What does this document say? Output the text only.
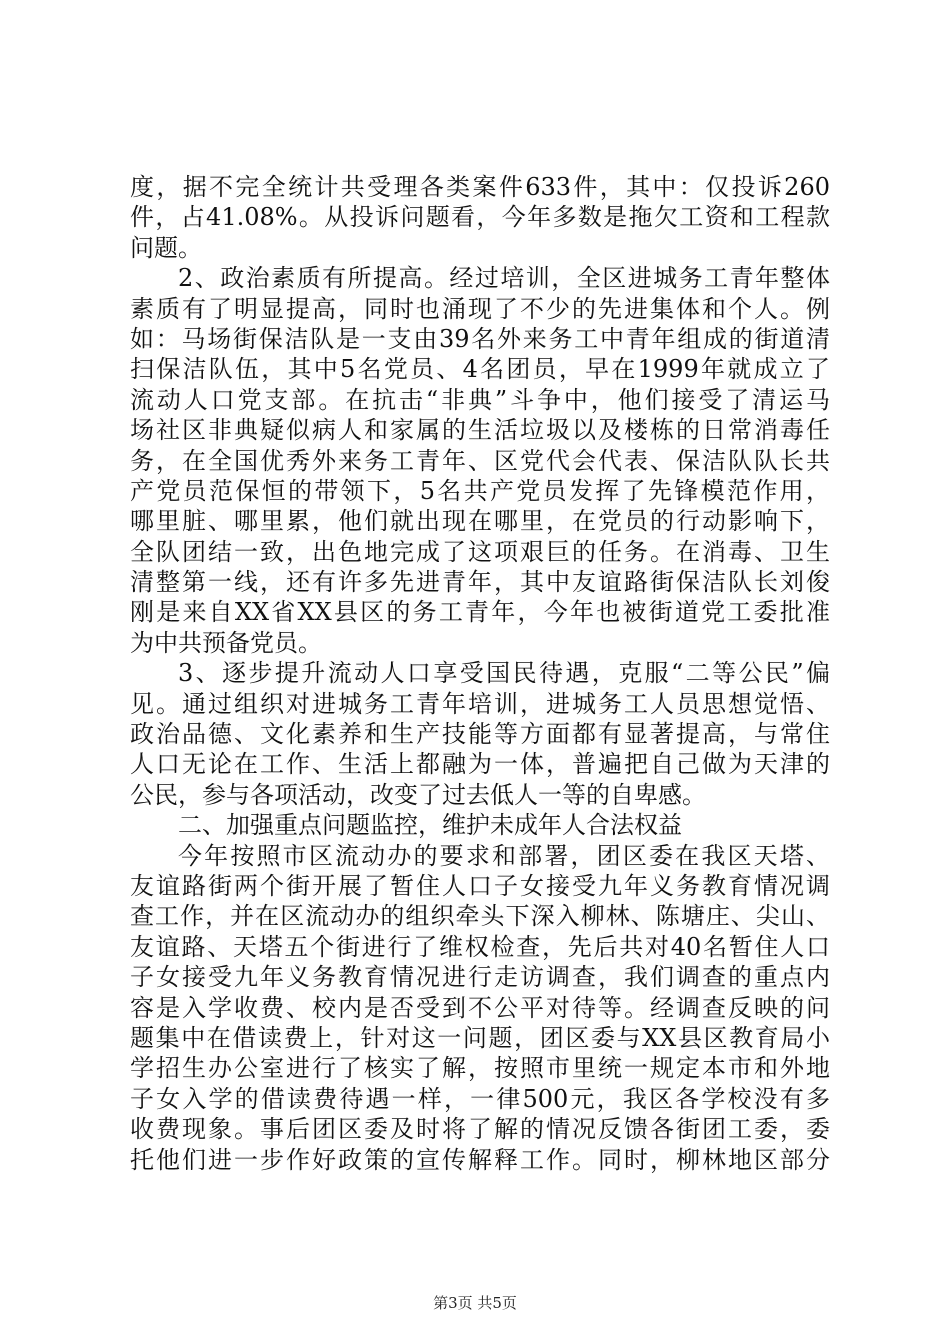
度，据不完全统计共受理各类案件633件，其中：仅投诉260
件，占41.08%。从投诉问题看，今年多数是拖欠工资和工程款
问题。
2、政治素质有所提高。经过培训，全区进城务工青年整体
素质有了明显提高，同时也涌现了不少的先进集体和个人。例
如：马场街保洁队是一支由39名外来务工中青年组成的街道清
扫保洁队伍，其中5名党员、4名团员，早在1999年就成立了
流动人口党支部。在抗击“非典”斗争中，他们接受了清运马
场社区非典疑似病人和家属的生活垃圾以及楼栋的日常消毒任
务，在全国优秀外来务工青年、区党代会代表、保洁队队长共
产党员范保恒的带领下，5名共产党员发挥了先锋模范作用，
哪里脏、哪里累，他们就出现在哪里，在党员的行动影响下，
全队团结一致，出色地完成了这项艰巨的任务。在消毒、卫生
清整第一线，还有许多先进青年，其中友谊路街保洁队长刘俊
刚是来自XX省XX县区的务工青年，今年也被街道党工委批准
为中共预备党员。
3、逐步提升流动人口享受国民待遇，克服“二等公民”偏
见。通过组织对进城务工青年培训，进城务工人员思想觉悟、
政治品德、文化素养和生产技能等方面都有显著提高，与常住
人口无论在工作、生活上都融为一体，普遍把自己做为天津的
公民，参与各项活动，改变了过去低人一等的自卑感。
二、加强重点问题监控，维护未成年人合法权益
今年按照市区流动办的要求和部署，团区委在我区天塔、
友谊路街两个街开展了暂住人口子女接受九年义务教育情况调
查工作，并在区流动办的组织牵头下深入柳林、陈塘庄、尖山、
友谊路、天塔五个街进行了维权检查，先后共对40名暂住人口
子女接受九年义务教育情况进行走访调查，我们调查的重点内
容是入学收费、校内是否受到不公平对待等。经调查反映的问
题集中在借读费上，针对这一问题，团区委与XX县区教育局小
学招生办公室进行了核实了解，按照市里统一规定本市和外地
子女入学的借读费待遇一样，一律500元，我区各学校没有多
收费现象。事后团区委及时将了解的情况反馈各街团工委，委
托他们进一步作好政策的宣传解释工作。同时，柳林地区部分
第3页 共5页
